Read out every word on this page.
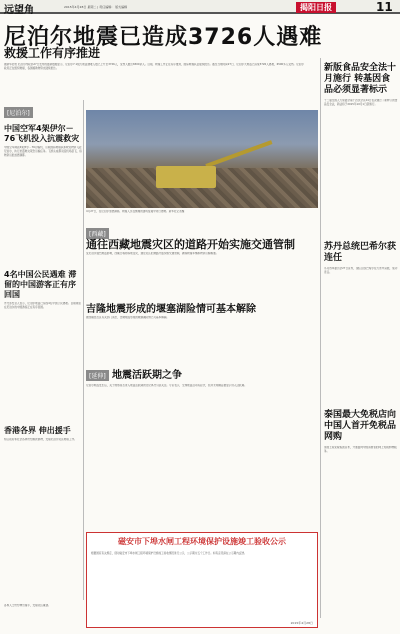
远望角	2015年4月28日 星期二 | 责任编辑： 版式编辑	揭阳日报	11
尼泊尔地震已造成3726人遇难
救援工作有序推进
据新华社电 尼泊尔内政部27日发布的最新数据显示，尼泊尔7.1级大地震遇难人数已上升至3726人，受伤人数达6500余人。目前，救援工作正在有序推进，国际救援队伍陆续抵达。截至当地时间27日，尼泊尔大地震已造成3726人遇难，6500多人受伤。尼泊尔政府正在组织救援，各国援助物资也陆续抵达。
[尼泊尔]
中国空军4架伊尔－76飞机投入抗震救灾
中国空军调派4架伊尔－76运输机，运载国际救援队和救灾物资飞赴尼泊尔，执行抗震救灾紧急运输任务。飞机从成都双流机场起飞，将物资运抵加德满都。
4名中国公民遇难 滞留的中国游客正有序回国
外交部发言人表示，尼泊尔地震已造成4名中国公民遇难。目前滞留在尼泊尔的中国游客正在有序回国。
香港各界 伸出援手
特区政府和社会各界纷纷捐款捐物，支援尼泊尔灾区救援工作。
4月27日，在尼泊尔加德满都，救援人员在倒塌的建筑废墟中进行搜救。新华社记者摄
[西藏]
通往西藏地震灾区的道路开始实施交通管制
受尼泊尔强烈地震影响，西藏日喀则等地受灾，通往灾区的道路开始实施交通管制，确保救援车辆和物资运输畅通。
吉隆地震形成的堰塞湖险情可基本解除
据西藏自治区有关部门消息，吉隆地震形成的堰塞湖险情已可基本解除。
[延伸] 地震活跃期之争
尼泊尔地震发生后，关于地球是否进入地震活跃期的讨论再次引起关注。专家表示，全球地震活动有起伏，但并无明确证据显示进入活跃期。
新版食品安全法十月施行 转基因食品必须显著标示
十二届全国人大常委会第十四次会议24日表决通过了新修订的食品安全法，新法将于2015年10月1日起施行。
苏丹总统巴希尔获连任
苏丹选举委员会27日宣布，现任总统巴希尔在大选中获胜，成功连任。
泰国最大免税店向中国人首开免税品网购
泰国王权免税集团宣布，开通面向中国消费者的网上免税购物服务。
磁安市下埠水闸工程环境保护设施竣工验收公示
根据国家有关规定，现对磁安市下埠水闸工程环境保护设施竣工验收情况进行公示，公示期为五个工作日。如有意见请在公示期内反馈。
2015年4月28日
各界人士纷纷伸出援手，支援灾区重建。
